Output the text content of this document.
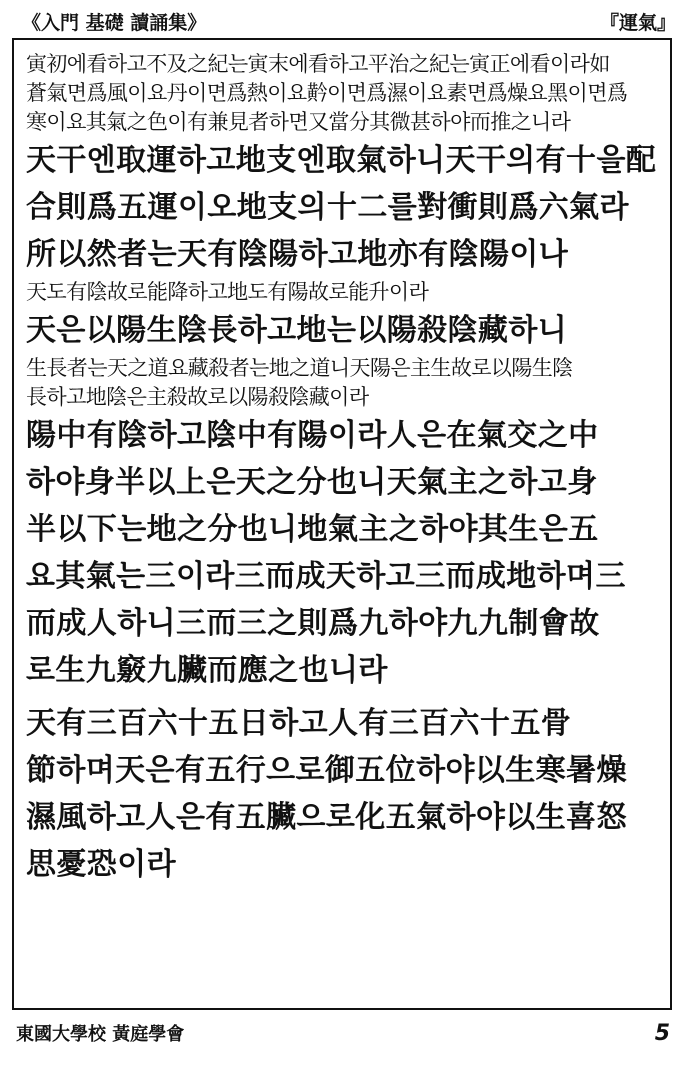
《入門 基礎 讀誦集》	『運氣』
寅初에看하고不及之紀는寅末에看하고平治之紀는寅正에看이라如
蒼氣면爲風이요丹이면爲熱이요黅이면爲濕이요素면爲燥요黑이면爲
寒이요其氣之色이有兼見者하면又當分其微甚하야而推之니라
天干엔取運하고地支엔取氣하니天干의有十을配
合則爲五運이오地支의十二를對衝則爲六氣라
所以然者는天有陰陽하고地亦有陰陽이나
天도有陰故로能降하고地도有陽故로能升이라
天은以陽生陰長하고地는以陽殺陰藏하니
生長者는天之道요藏殺者는地之道니天陽은主生故로以陽生陰
長하고地陰은主殺故로以陽殺陰藏이라
陽中有陰하고陰中有陽이라人은在氣交之中
하야身半以上은天之分也니天氣主之하고身
半以下는地之分也니地氣主之하야其生은五
요其氣는三이라三而成天하고三而成地하며三
而成人하니三而三之則爲九하야九九制會故
로生九竅九臟而應之也니라
天有三百六十五日하고人有三百六十五骨
節하며天은有五行으로御五位하야以生寒暑燥
濕風하고人은有五臟으로化五氣하야以生喜怒
思憂恐이라
東國大學校 黃庭學會	5
